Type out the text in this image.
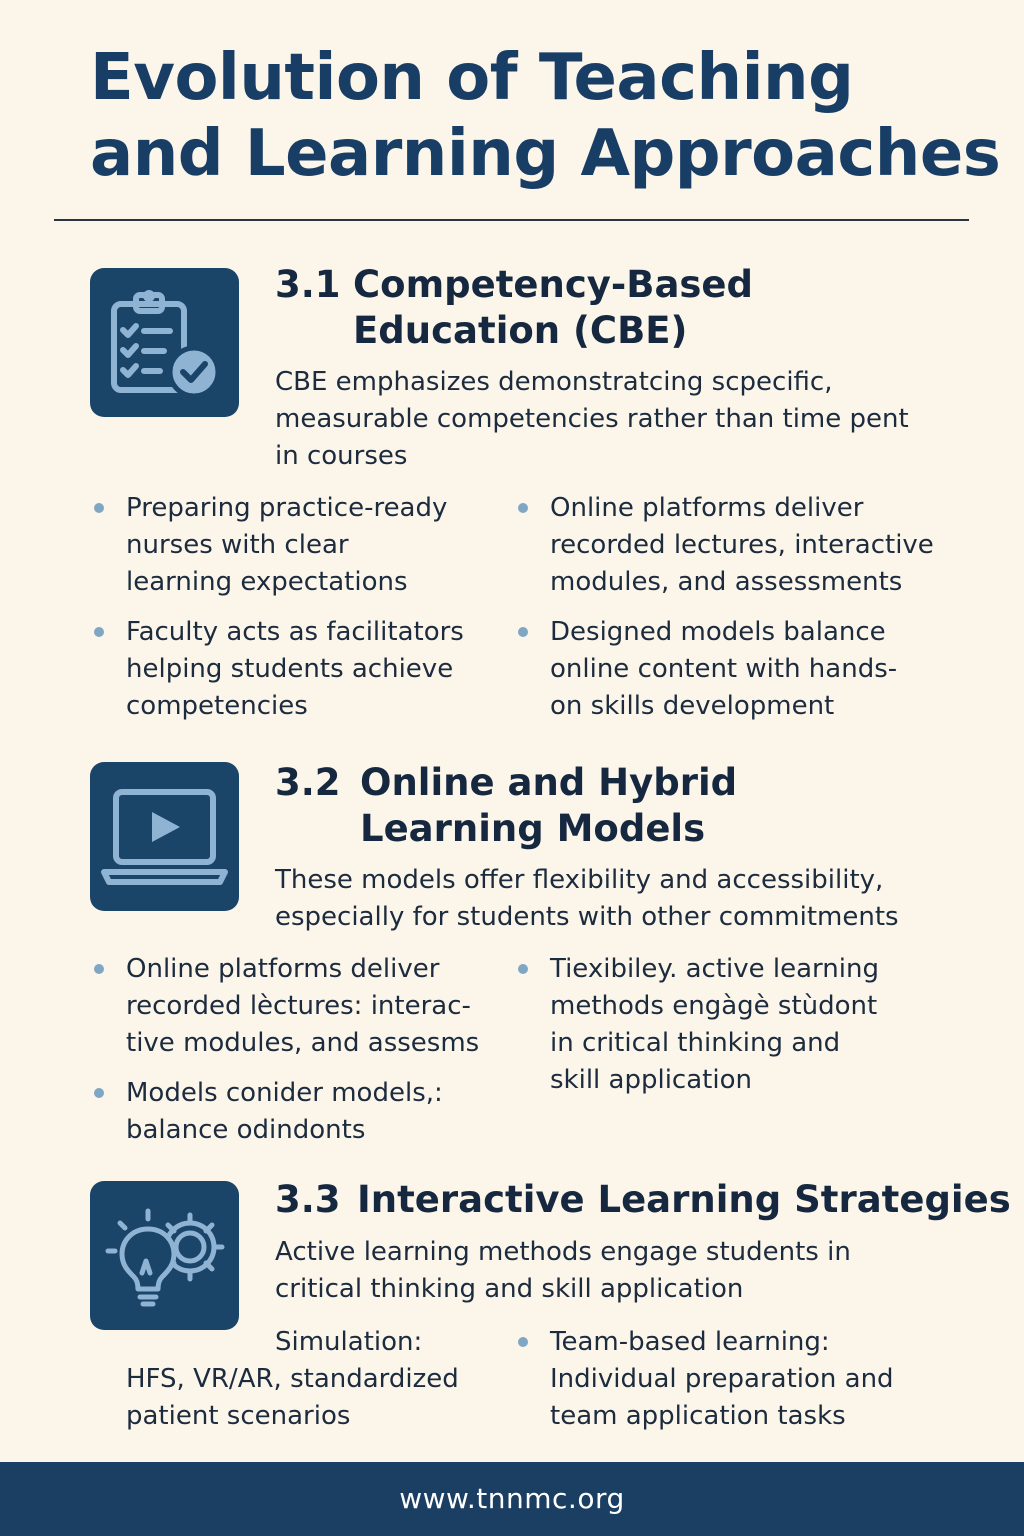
Evolution of Teaching
and Learning Approaches
3.1 Competency-Based
Education (CBE)
CBE emphasizes demonstratcing scpecific,
measurable competencies rather than time pent
in courses
Preparing practice-ready
nurses with clear
learning expectations
Online platforms deliver
recorded lectures, interactive
modules, and assessments
Faculty acts as facilitators
helping students achieve
competencies
Designed models balance
online content with hands-
on skills development
3.2 Online and Hybrid
Learning Models
These models offer flexibility and accessibility,
especially for students with other commitments
Online platforms deliver
recorded lèctures: interac-
tive modules, and assesms
Tiexibiley. active learning
methods engàgè stùdont
in critical thinking and
skill application
Models conider models,:
balance odindonts
3.3 Interactive Learning Strategies
Active learning methods engage students in
critical thinking and skill application
Simulation:
HFS, VR/AR, standardized
patient scenarios
Team-based learning:
Individual preparation and
team application tasks
www.tnnmc.org
